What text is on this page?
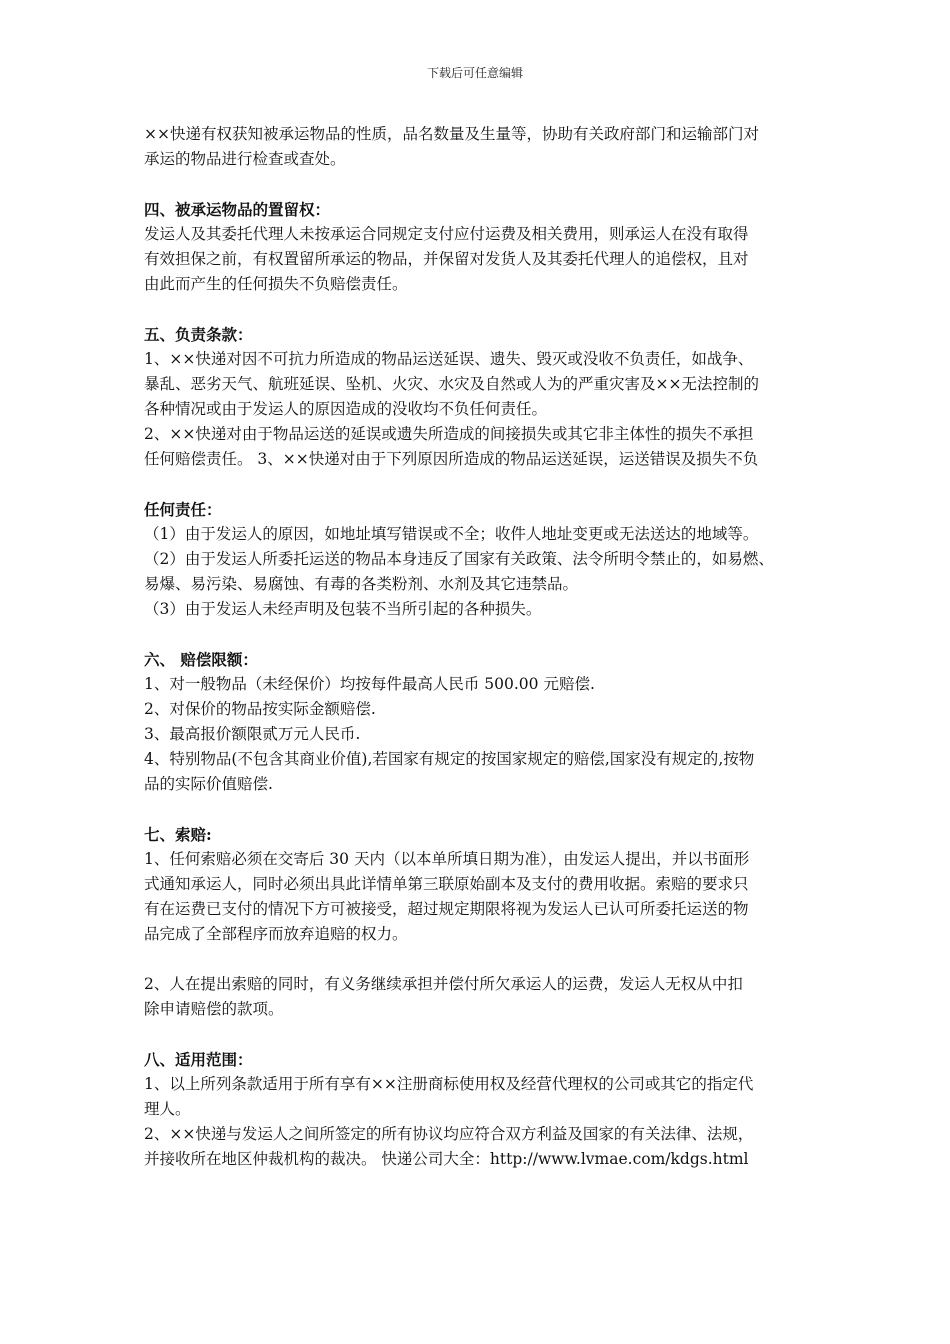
下载后可任意编辑

××快递有权获知被承运物品的性质，品名数量及生量等，协助有关政府部门和运输部门对

承运的物品进行检查或查处。

四、被承运物品的置留权：

发运人及其委托代理人未按承运合同规定支付应付运费及相关费用，则承运人在没有取得

有效担保之前，有权置留所承运的物品，并保留对发货人及其委托代理人的追偿权，且对

由此而产生的任何损失不负赔偿责任。

五、负责条款：

1、××快递对因不可抗力所造成的物品运送延误、遗失、毁灭或没收不负责任，如战争、

暴乱、恶劣天气、航班延误、坠机、火灾、水灾及自然或人为的严重灾害及××无法控制的

各种情况或由于发运人的原因造成的没收均不负任何责任。

2、××快递对由于物品运送的延误或遗失所造成的间接损失或其它非主体性的损失不承担

任何赔偿责任。 3、××快递对由于下列原因所造成的物品运送延误，运送错误及损失不负

任何责任：

（1）由于发运人的原因，如地址填写错误或不全；收件人地址变更或无法送达的地域等。

（2）由于发运人所委托运送的物品本身违反了国家有关政策、法令所明令禁止的，如易燃、

易爆、易污染、易腐蚀、有毒的各类粉剂、水剂及其它违禁品。

（3）由于发运人未经声明及包装不当所引起的各种损失。

六、 赔偿限额：

1、对一般物品（未经保价）均按每件最高人民币 500.00 元赔偿.

2、对保价的物品按实际金额赔偿.

3、最高报价额限贰万元人民币.

4、特别物品(不包含其商业价值),若国家有规定的按国家规定的赔偿,国家没有规定的,按物

品的实际价值赔偿.

七、索赔:

1、任何索赔必须在交寄后 30 天内（以本单所填日期为准），由发运人提出，并以书面形

式通知承运人，同时必须出具此详情单第三联原始副本及支付的费用收据。索赔的要求只

有在运费已支付的情况下方可被接受，超过规定期限将视为发运人已认可所委托运送的物

品完成了全部程序而放弃追赔的权力。

2、人在提出索赔的同时，有义务继续承担并偿付所欠承运人的运费，发运人无权从中扣

除申请赔偿的款项。

八、适用范围：

1、以上所列条款适用于所有享有××注册商标使用权及经营代理权的公司或其它的指定代

理人。

2、××快递与发运人之间所签定的所有协议均应符合双方利益及国家的有关法律、法规，

并接收所在地区仲裁机构的裁决。 快递公司大全：http://www.lvmae.com/kdgs.html
